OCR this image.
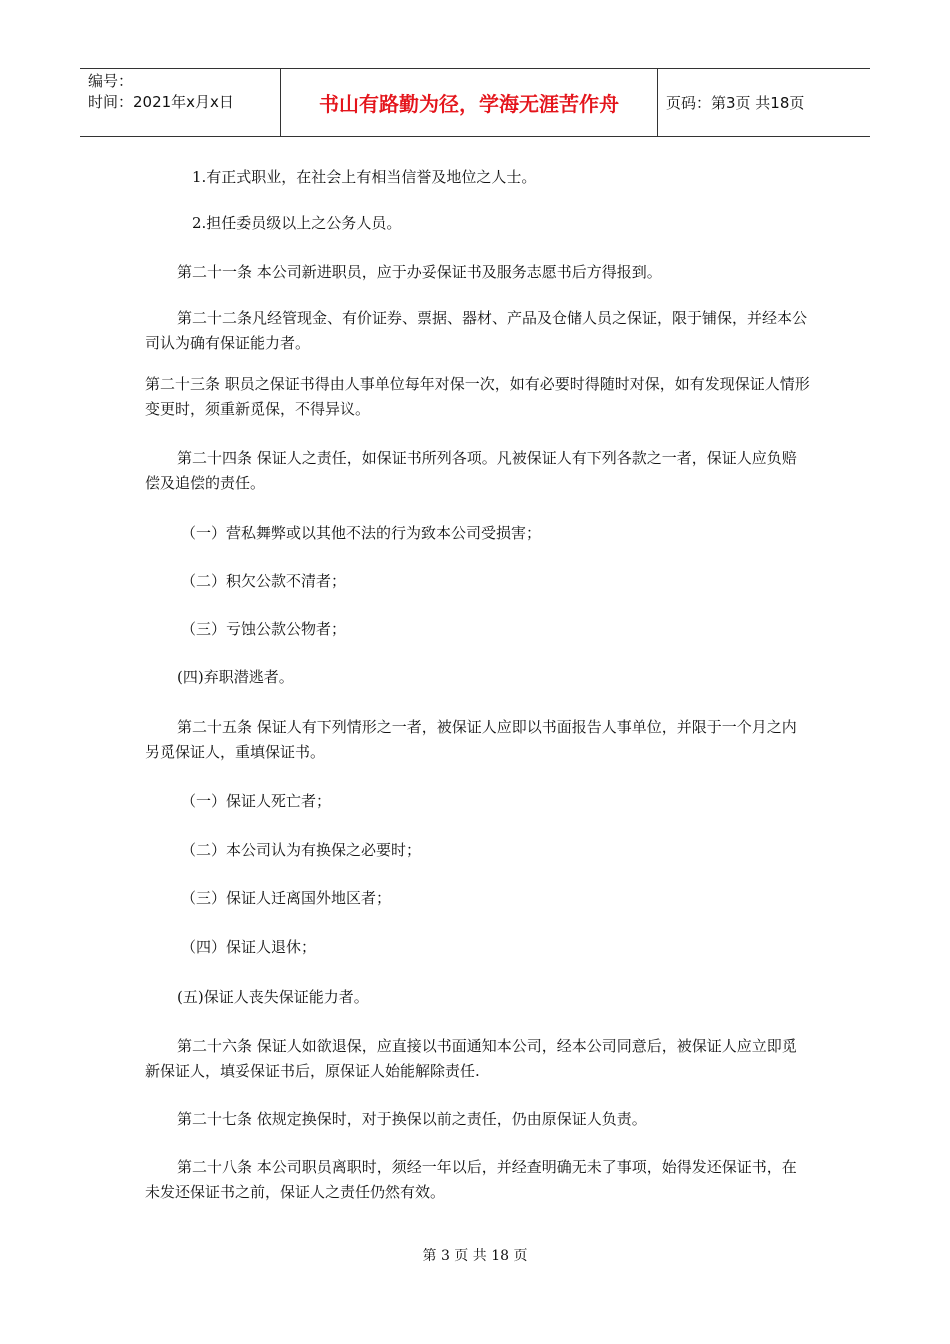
编号：
时间：2021年x月x日	书山有路勤为径，学海无涯苦作舟	页码：第3页 共18页

1.有正式职业，在社会上有相当信誉及地位之人士。

2.担任委员级以上之公务人员。

第二十一条 本公司新进职员，应于办妥保证书及服务志愿书后方得报到。

第二十二条凡经管现金、有价证券、票据、器材、产品及仓储人员之保证，限于铺保，并经本公司认为确有保证能力者。

第二十三条 职员之保证书得由人事单位每年对保一次，如有必要时得随时对保，如有发现保证人情形变更时，须重新觅保，不得异议。

第二十四条 保证人之责任，如保证书所列各项。凡被保证人有下列各款之一者，保证人应负赔偿及追偿的责任。

（一）营私舞弊或以其他不法的行为致本公司受损害；

（二）积欠公款不清者；

（三）亏蚀公款公物者；

(四)弃职潜逃者。

第二十五条 保证人有下列情形之一者，被保证人应即以书面报告人事单位，并限于一个月之内另觅保证人，重填保证书。

（一）保证人死亡者；

（二）本公司认为有换保之必要时；

（三）保证人迁离国外地区者；

（四）保证人退休；

(五)保证人丧失保证能力者。

第二十六条 保证人如欲退保，应直接以书面通知本公司，经本公司同意后，被保证人应立即觅新保证人，填妥保证书后，原保证人始能解除责任.

第二十七条 依规定换保时，对于换保以前之责任，仍由原保证人负责。

第二十八条 本公司职员离职时，须经一年以后，并经查明确无未了事项，始得发还保证书，在未发还保证书之前，保证人之责任仍然有效。

第 3 页 共 18 页
